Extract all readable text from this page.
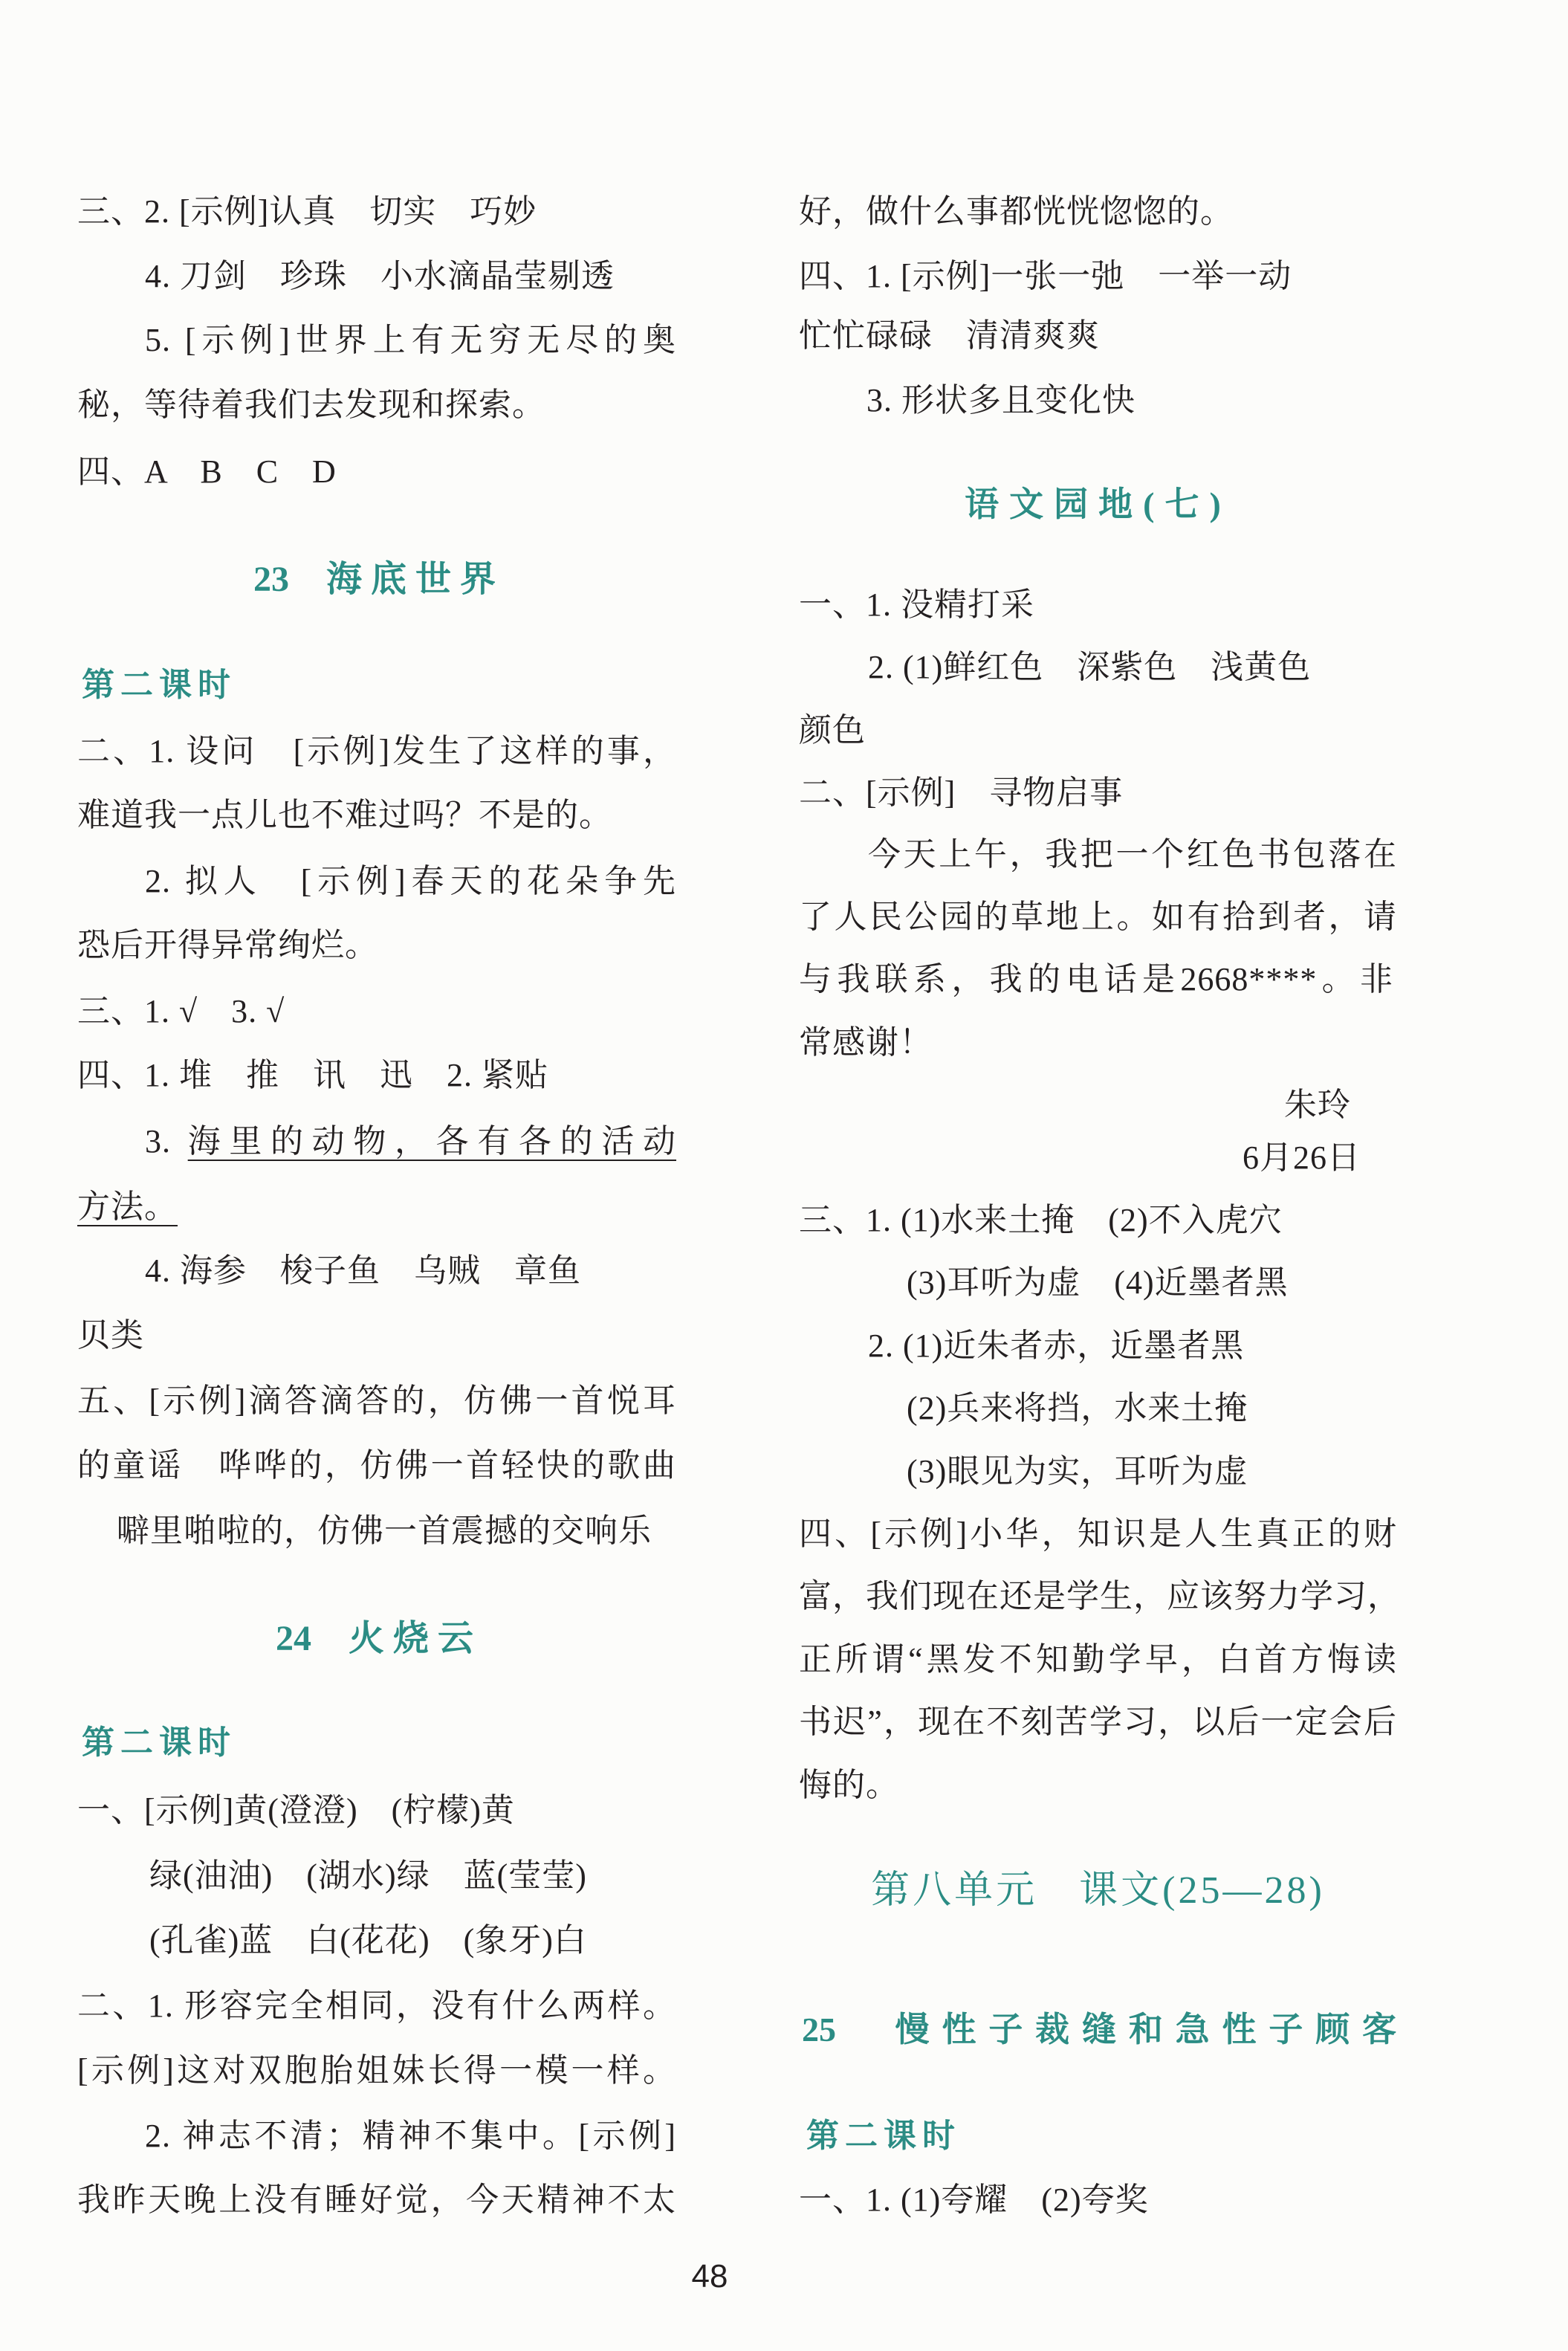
三、2. [示例]认真　切实　巧妙
4. 刀剑　珍珠　小水滴晶莹剔透
5. [示例]世界上有无穷无尽的奥
秘，等待着我们去发现和探索。
四、A　B　C　D
23 海底世界
第二课时
二、1. 设问　[示例]发生了这样的事，
难道我一点儿也不难过吗？不是的。
2. 拟人　[示例]春天的花朵争先
恐后开得异常绚烂。
三、1. √　3. √
四、1. 堆　推　讯　迅　2. 紧贴
3. 海里的动物，各有各的活动
方法。
4. 海参　梭子鱼　乌贼　章鱼
贝类
五、[示例]滴答滴答的，仿佛一首悦耳
的童谣　哗哗的，仿佛一首轻快的歌曲
噼里啪啦的，仿佛一首震撼的交响乐
24 火烧云
第二课时
一、[示例]黄(澄澄)　(柠檬)黄
绿(油油)　(湖水)绿　蓝(莹莹)
(孔雀)蓝　白(花花)　(象牙)白
二、1. 形容完全相同，没有什么两样。
[示例]这对双胞胎姐妹长得一模一样。
2. 神志不清；精神不集中。[示例]
我昨天晚上没有睡好觉，今天精神不太
好，做什么事都恍恍惚惚的。
四、1. [示例]一张一弛　一举一动
忙忙碌碌　清清爽爽
3. 形状多且变化快
语文园地(七)
一、1. 没精打采
2. (1)鲜红色　深紫色　浅黄色
颜色
二、[示例]　寻物启事
今天上午，我把一个红色书包落在
了人民公园的草地上。如有拾到者，请
与我联系，我的电话是2668****。非
常感谢！
朱玲
6月26日
三、1. (1)水来土掩　(2)不入虎穴
(3)耳听为虚　(4)近墨者黑
2. (1)近朱者赤，近墨者黑
(2)兵来将挡，水来土掩
(3)眼见为实，耳听为虚
四、[示例]小华，知识是人生真正的财
富，我们现在还是学生，应该努力学习，
正所谓“黑发不知勤学早，白首方悔读
书迟”，现在不刻苦学习，以后一定会后
悔的。
第八单元　课文(25—28)
25　 慢性子裁缝和急性子顾客
第二课时
一、1. (1)夸耀　(2)夸奖
48
